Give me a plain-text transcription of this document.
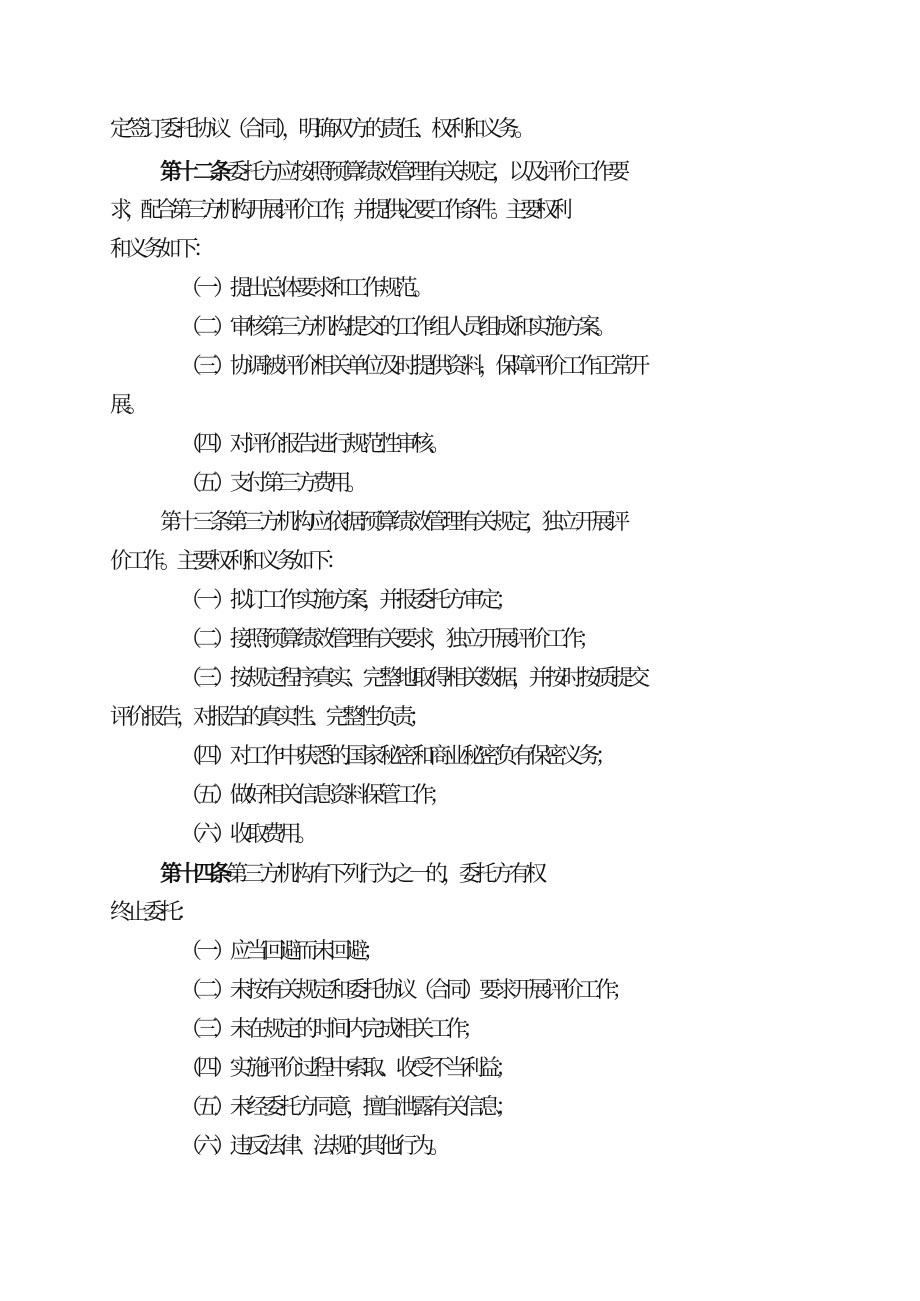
定签订委托协议（合同），明确双方的责任、权利和义务。
第十二条委托方应按照预算绩效管理有关规定，以及评价工作要
求，配合第三方机构开展评价工作，并提供必要工作条件。主要权利
和义务如下：
（一）提出总体要求和工作规范。
（二）审核第三方机构提交的工作组人员组成和实施方案。
（三）协调被评价相关单位及时提供资料，保障评价工作正常开
展。
（四）对评价报告进行规范性审核。
（五）支付第三方费用。
第十三条第三方机构应依据预算绩效管理有关规定，独立开展评
价工作。主要权利和义务如下：
（一）拟订工作实施方案，并报委托方审定；
（二）接照预算绩效管理有关要求，独立开展评价工作；
（三）按规定程序真实、完整地取得相关数据，并按时按质提交
评价报告，对报告的真实性、完整性负责；
（四）对工作中获悉的国家秘密和商业秘密负有保密义务；
（五）做好相关信息资料保管工作；
（六）收取费用。
第十四条第三方机构有下列行为之一的，委托方有权
终止委托：
（一）应当回避而未回避；
（二）未按有关规定和委托协议（合同）要求开展评价工作；
（三）未在规定的时间内完成相关工作；
（四）实施评价过程中索取、收受不当利益；
（五）未经委托方同意，擅自泄露有关信息；
（六）违反法律、法规的其他行为。
